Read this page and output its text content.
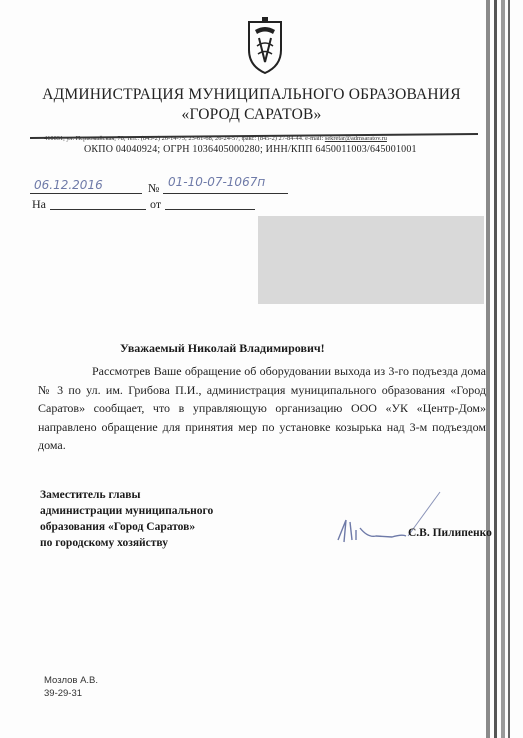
АДМИНИСТРАЦИЯ МУНИЦИПАЛЬНОГО ОБРАЗОВАНИЯ
«ГОРОД САРАТОВ»
410031, ул. Первомайская, 78, тел.: (845-2) 26-14-75; 23-61-68, 26-24-57, факс: (845-2) 27-84-44. e-mail: sekretar@admsaratov.ru
ОКПО 04040924; ОГРН 1036405000280; ИНН/КПП 6450011003/645001001
06.12.2016	№ 01-10-07-1067п
На	от
Уважаемый Николай Владимирович!

Рассмотрев Ваше обращение об оборудовании выхода из 3-го подъезда дома № 3 по ул. им. Грибова П.И., администрация муниципального образования «Город Саратов» сообщает, что в управляющую организацию ООО «УК «Центр-Дом» направлено обращение для принятия мер по установке козырька над 3-м подъездом дома.

Заместитель главы
администрации муниципального
образования «Город Саратов»
по городскому хозяйству
С.В. Пилипенко
Мозлов А.В.
39-29-31
